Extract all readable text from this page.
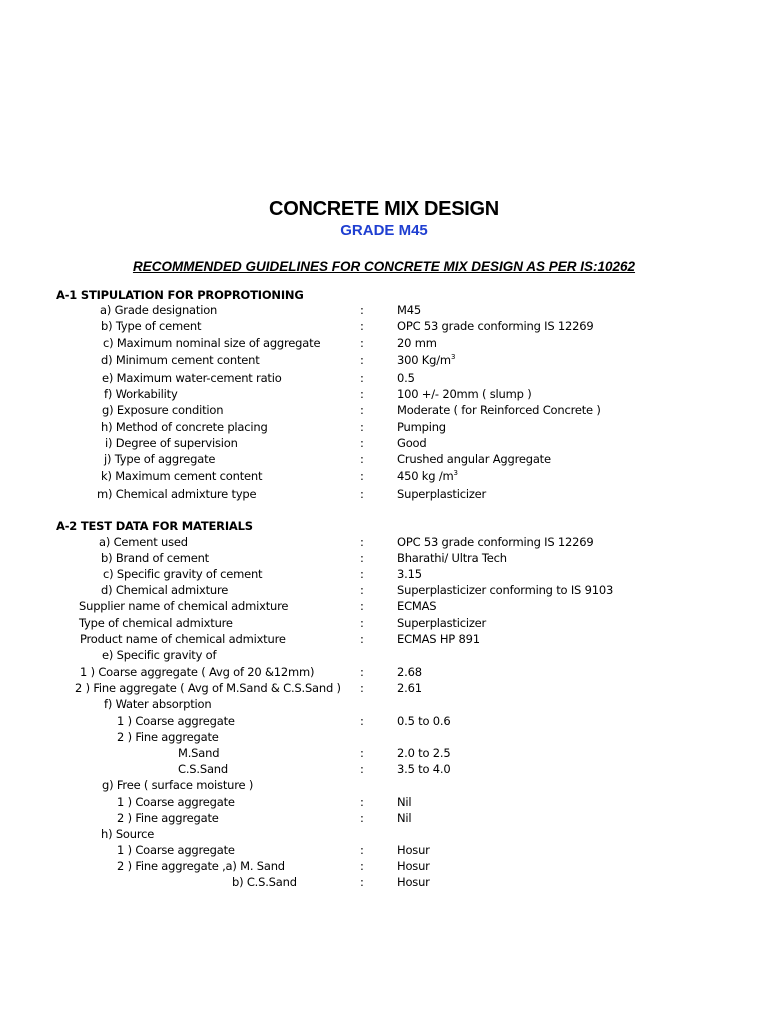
CONCRETE MIX DESIGN
GRADE M45
RECOMMENDED GUIDELINES FOR CONCRETE MIX DESIGN AS PER IS:10262
A-1 STIPULATION FOR PROPROTIONING
a) Grade designation	:	M45
b) Type of cement	:	OPC 53 grade conforming IS 12269
c) Maximum nominal size of aggregate	:	20 mm
d) Minimum cement content	:	300 $Kg/m^3$
e) Maximum water-cement ratio	:	0.5
f) Workability	:	100 +/- 20mm ( slump )
g) Exposure condition	:	Moderate ( for Reinforced Concrete )
h) Method of concrete placing	:	Pumping
i) Degree of supervision	:	Good
j) Type of aggregate	:	Crushed angular Aggregate
k) Maximum cement content	:	450 kg $/m^3$
m) Chemical admixture type	:	Superplasticizer
A-2 TEST DATA FOR MATERIALS
a) Cement used	:	OPC 53 grade conforming IS 12269
b) Brand of cement	:	Bharathi/ Ultra Tech
c) Specific gravity of cement	:	3.15
d) Chemical admixture	:	Superplasticizer conforming to IS 9103
Supplier name of chemical admixture	:	ECMAS
Type of chemical admixture	:	Superplasticizer
Product name of chemical admixture	:	ECMAS HP 891
e) Specific gravity of
1 ) Coarse aggregate ( Avg of 20 &12mm)	:	2.68
2 ) Fine aggregate ( Avg of M.Sand & C.S.Sand ) :	2.61
f) Water absorption
1 ) Coarse aggregate	:	0.5 to 0.6
2 ) Fine aggregate
M.Sand	:	2.0 to 2.5
C.S.Sand	:	3.5 to 4.0
g) Free ( surface moisture )
1 ) Coarse aggregate	:	Nil
2 ) Fine aggregate	:	Nil
h) Source
1 ) Coarse aggregate	:	Hosur
2 ) Fine aggregate ,a) M. Sand	:	Hosur
b) C.S.Sand	:	Hosur
